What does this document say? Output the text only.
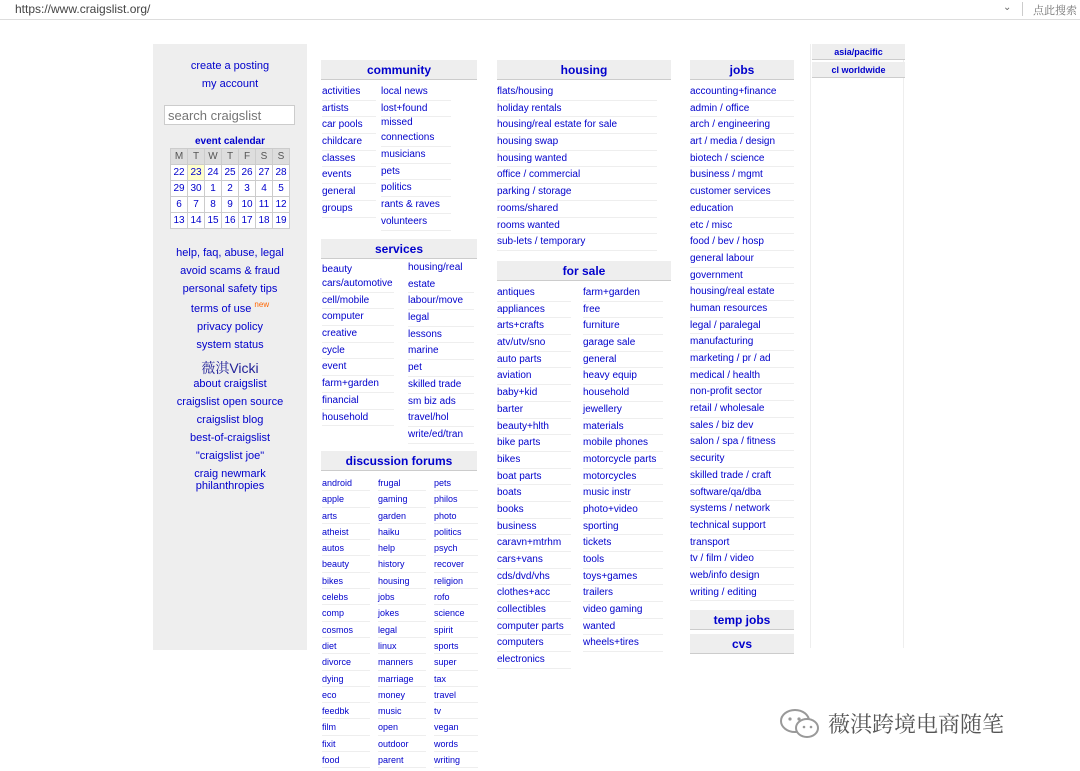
https://www.craigslist.org/	⌄ 点此搜索
create a posting
my account
search craigslist
event calendar
M	T	W	T	F	S	S
22	23	24	25	26	27	28
29	30	1	2	3	4	5
6	7	8	9	10	11	12
13	14	15	16	17	18	19
help, faq, abuse, legal
avoid scams & fraud
personal safety tips
terms of use $^{new}$
privacy policy
system status
薇淇Vicki
about craigslist
craigslist open source
craigslist blog
best-of-craigslist
"craigslist joe"
craig newmark
philanthropies
community
activities
artists
car pools
childcare
classes
events
general
groups
local news
lost+found
missed
connections
musicians
pets
politics
rants & raves
volunteers
services
beauty
cars/automotive
cell/mobile
computer
creative
cycle
event
farm+garden
financial
household
housing/real
estate
labour/move
legal
lessons
marine
pet
skilled trade
sm biz ads
travel/hol
write/ed/tran
discussion forums
android
apple
arts
atheist
autos
beauty
bikes
celebs
comp
cosmos
diet
divorce
dying
eco
feedbk
film
fixit
food
frugal
gaming
garden
haiku
help
history
housing
jobs
jokes
legal
linux
manners
marriage
money
music
open
outdoor
parent
pets
philos
photo
politics
psych
recover
religion
rofo
science
spirit
sports
super
tax
travel
tv
vegan
words
writing
housing
flats/housing
holiday rentals
housing/real estate for sale
housing swap
housing wanted
office / commercial
parking / storage
rooms/shared
rooms wanted
sub-lets / temporary
for sale
antiques
appliances
arts+crafts
atv/utv/sno
auto parts
aviation
baby+kid
barter
beauty+hlth
bike parts
bikes
boat parts
boats
books
business
caravn+mtrhm
cars+vans
cds/dvd/vhs
clothes+acc
collectibles
computer parts
computers
electronics
farm+garden
free
furniture
garage sale
general
heavy equip
household
jewellery
materials
mobile phones
motorcycle parts
motorcycles
music instr
photo+video
sporting
tickets
tools
toys+games
trailers
video gaming
wanted
wheels+tires
jobs
accounting+finance
admin / office
arch / engineering
art / media / design
biotech / science
business / mgmt
customer services
education
etc / misc
food / bev / hosp
general labour
government
housing/real estate
human resources
legal / paralegal
manufacturing
marketing / pr / ad
medical / health
non-profit sector
retail / wholesale
sales / biz dev
salon / spa / fitness
security
skilled trade / craft
software/qa/dba
systems / network
technical support
transport
tv / film / video
web/info design
writing / editing
temp jobs
cvs
asia/pacific
cl worldwide
薇淇跨境电商随笔
